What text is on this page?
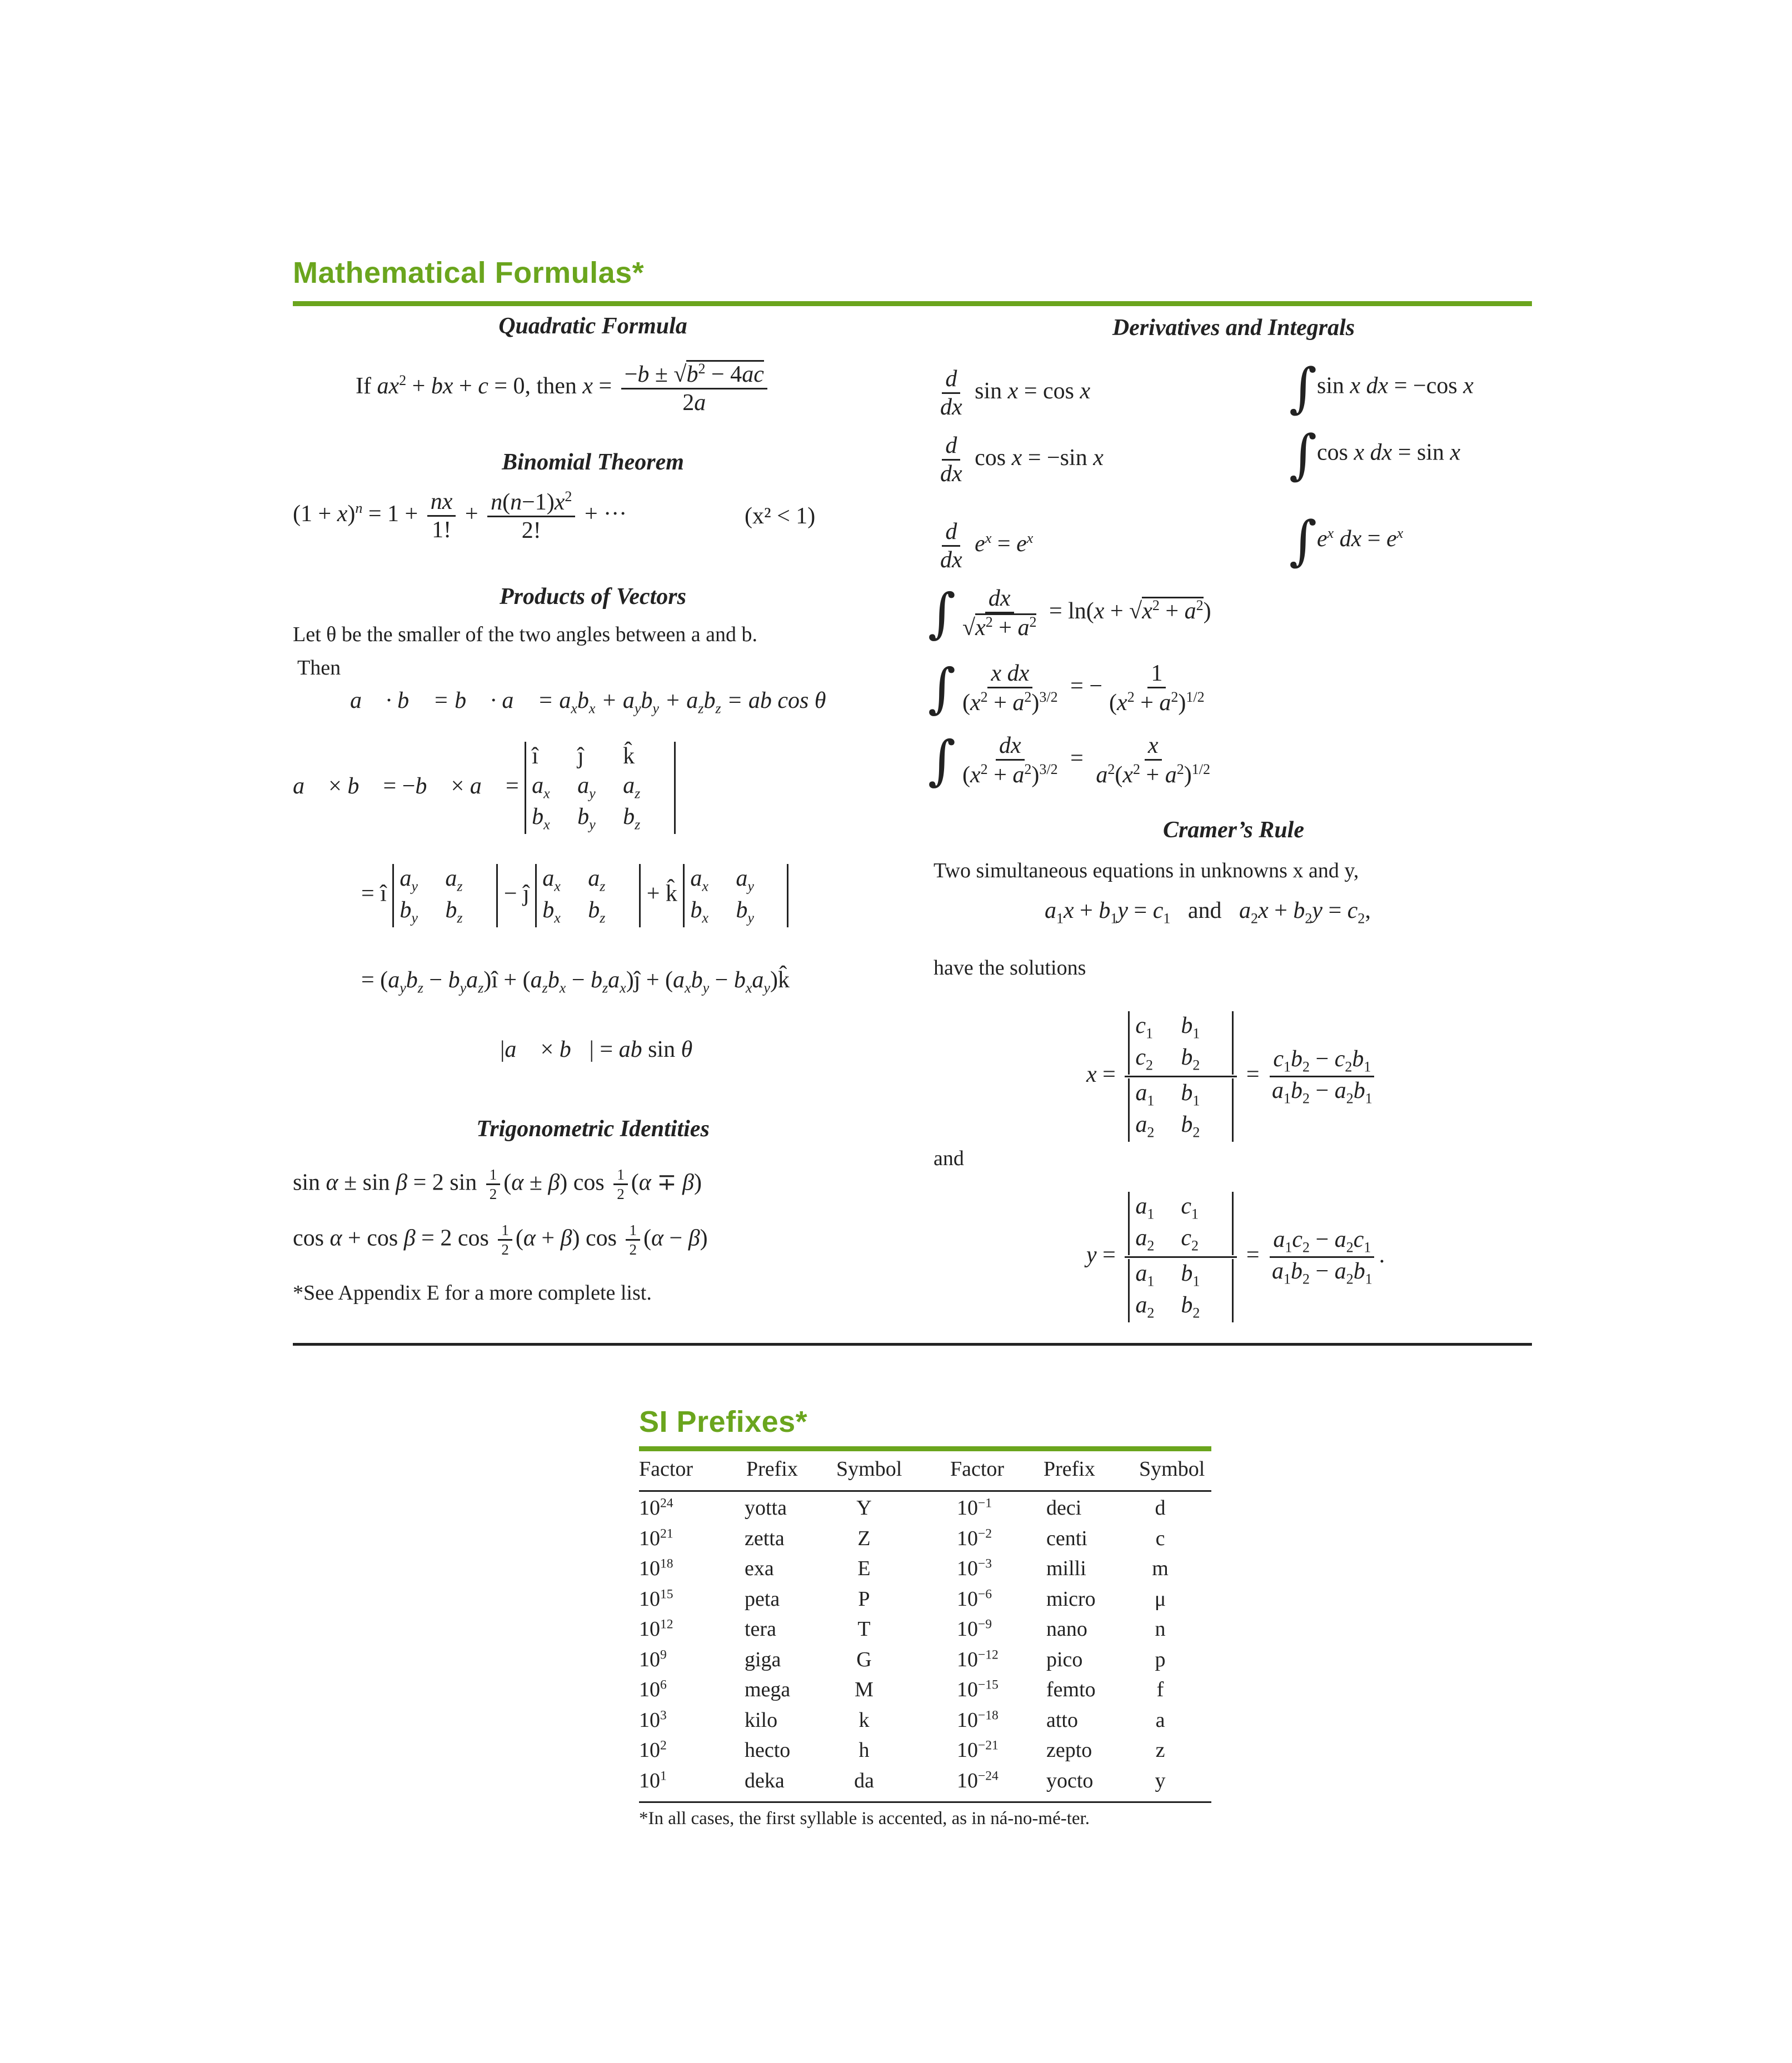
Mathematical Formulas*
Quadratic Formula
If $ax^2$ + bx + c = 0, then $x = \frac{-b \pm √b^2 - 4ac}{2a}$
Binomial Theorem
$(1 + x)^n = 1 + \frac{nx}{1!} + \frac{n(n-1)x^2}{2!}$ + ···	(x² < 1)
Products of Vectors
Let θ be the smaller of the two angles between a and b.
Then
a⃗ · b⃗ = b⃗ · a⃗ = $a_xb_x + a_yb_y + a_zb_z$ = ab cos θ
a⃗ × b⃗ = −b⃗ × a⃗ =
î ĵ k̂
$a_x$ $a_y$ $a_z$
$b_x$ $b_y$ $b_z$
= î
$a_y$ $a_z$
$b_y$ $b_z$
− ĵ
$a_x$ $a_z$
$b_x$ $b_z$
+ k̂
$a_x$ $a_y$
$b_x$ $b_y$
= ($a_yb_z$ − $b_ya_z)î + (a_zb_x$ − $b_za_x)ĵ + (a_xb_y$ − $b_xa_y)k̂$
|a⃗ × b⃗| = ab sin θ
Trigonometric Identities
sin α ± sin β = 2 $\sin \frac{1}{2} (\alpha \pm \beta)$ $\cos \frac{1}{2} (\alpha \mp \beta)$
cos α + cos β = 2 $\cos \frac{1}{2} (\alpha + \beta)$ $\cos \frac{1}{2} (\alpha - \beta)$
*See Appendix E for a more complete list.
Derivatives and Integrals
$\frac{d}{dx}$ sin x = cos x
$\frac{d}{dx}$ cos x = −sin x
$\frac{d}{dx} e^x = e^x$
∫sin x dx = −cos x
∫cos x dx = sin x
$\int e^x$ dx = $e^x$
∫ $\frac{dx}{√x^2 + a^2} = \ln(x + √x^2 + a^2)$
∫ $\frac{\text{x dx}}{(x^2 + a^2)^{3/2}}$ = − $\frac{1}{(x^2 + a^2)^{1/2}}$
∫ $\frac{dx}{(x^2 + a^2)^{3/2}} = \frac{x}{a^2(x^2 + a^2)^{1/2}}$
Cramer’s Rule
Two simultaneous equations in unknowns x and y,
$a_1x + b_1y = c_1$   and   $a_2x + b_2y = c_2$,
have the solutions
$x = c_1$ $b_1$
$c_2$ $b_2$
$a_1$ $b_1$
$a_2$ $b_2 = \frac{c_1b_2 - c_2b_1}{a_1b_2 - a_2b_1}$
and
$y = a_1$ $c_1$
$a_2$ $c_2$
$a_1$ $b_1$
$a_2$ $b_2 = \frac{a_1c_2 - a_2c_1}{a_1b_2 - a_2b_1}$ .
SI Prefixes*
Factor	Prefix Symbol Factor Prefix Symbol
$10^{24}$	yotta	Y	$10^{-1}$	deci	d
$10^{21}$	zetta	Z	$10^{-2}$	centi	c
$10^{18}$	exa	E	$10^{-3}$	milli	m
$10^{15}$	peta	P	$10^{-6}$	micro	μ
$10^{12}$	tera	T	$10^{-9}$	nano	n
$10^9$	giga	G	$10^{-12}$ pico	p
$10^6$	mega	M	$10^{-15}$ femto	f
$10^3$	kilo	k	$10^{-18}$ atto	a
$10^2$	hecto	h	$10^{-21}$ zepto	z
$10^1$	deka	da	$10^{-24}$ yocto	y
*In all cases, the first syllable is accented, as in ná-no-mé-ter.
